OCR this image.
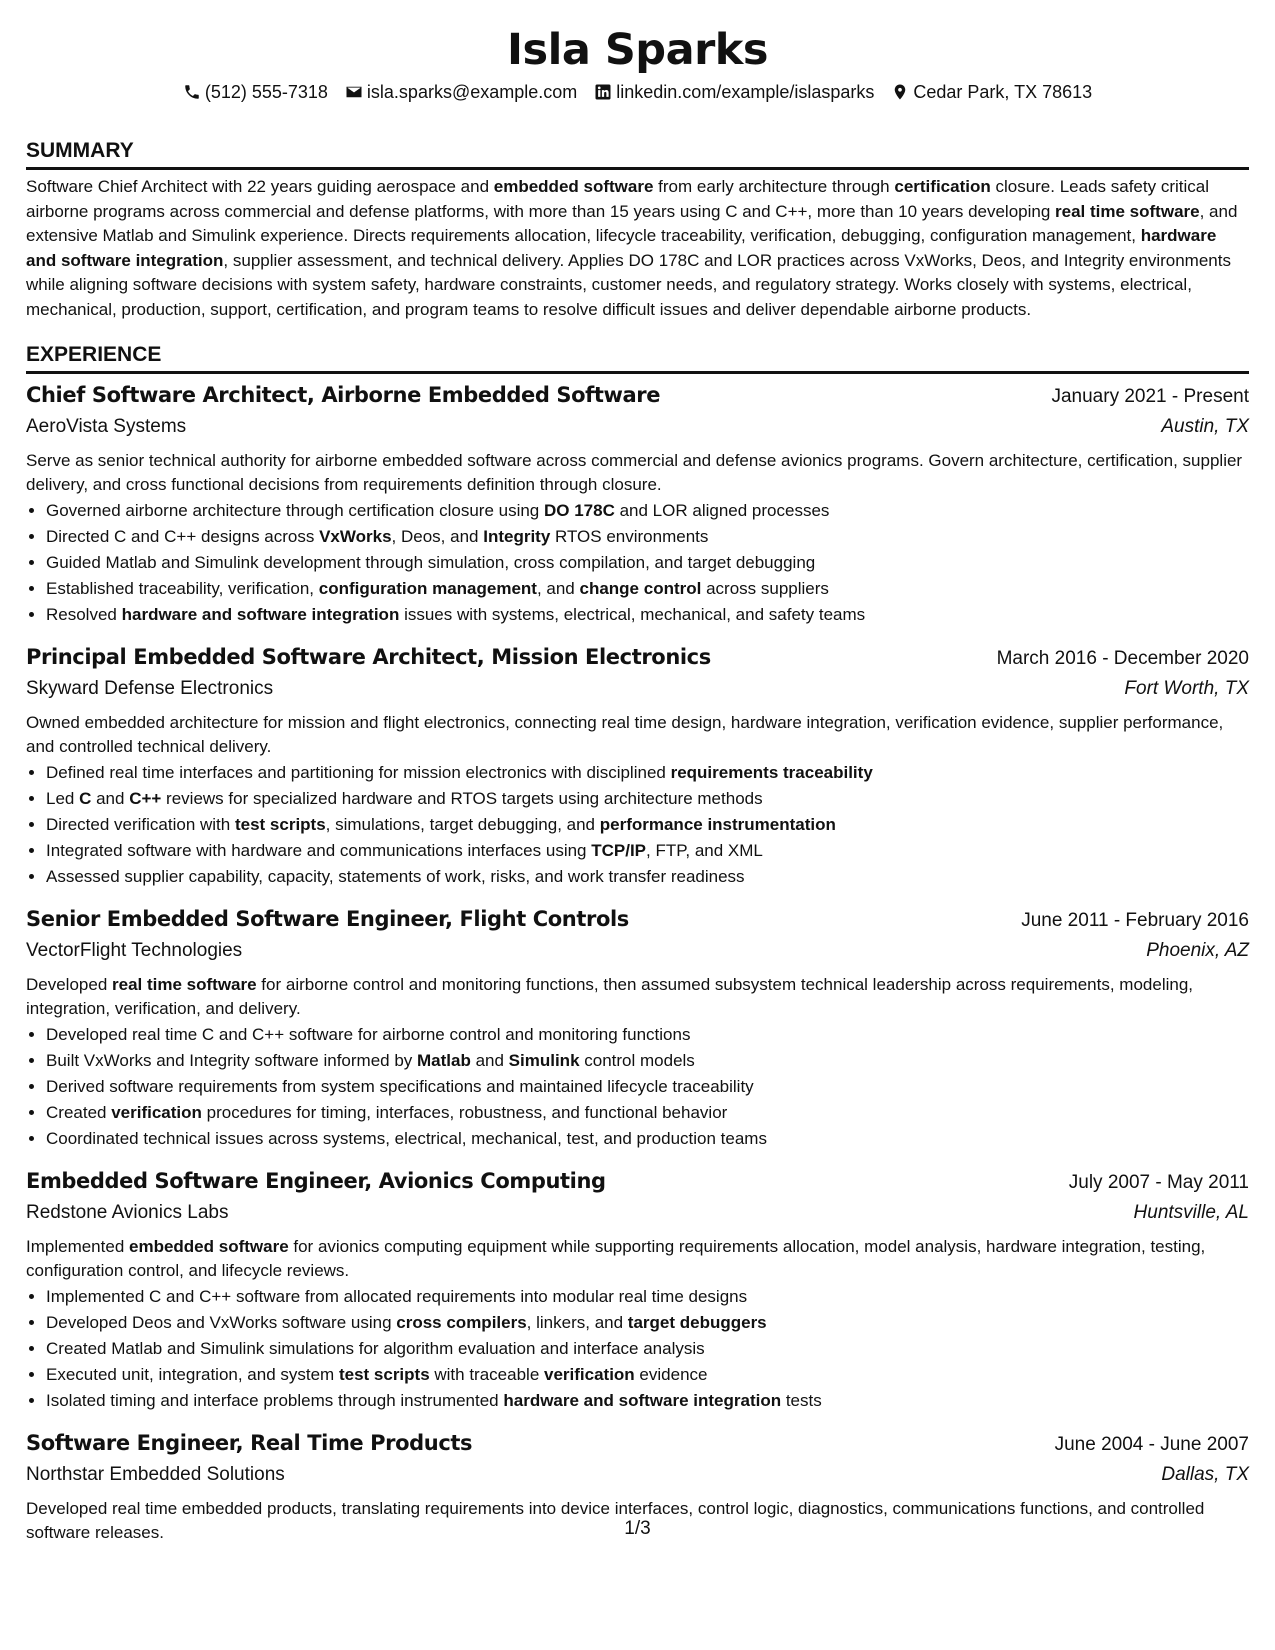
Isla Sparks
(512) 555-7318 isla.sparks@example.com linkedin.com/example/islasparks Cedar Park, TX 78613
SUMMARY

Software Chief Architect with 22 years guiding aerospace and embedded software from early architecture through certification closure. Leads safety critical airborne programs across commercial and defense platforms, with more than 15 years using C and C++, more than 10 years developing real time software, and extensive Matlab and Simulink experience. Directs requirements allocation, lifecycle traceability, verification, debugging, configuration management, hardware and software integration, supplier assessment, and technical delivery. Applies DO 178C and LOR practices across VxWorks, Deos, and Integrity environments while aligning software decisions with system safety, hardware constraints, customer needs, and regulatory strategy. Works closely with systems, electrical, mechanical, production, support, certification, and program teams to resolve difficult issues and deliver dependable airborne products.

EXPERIENCE
Chief Software Architect, Airborne Embedded Software	January 2021 - Present
AeroVista Systems	Austin, TX
Serve as senior technical authority for airborne embedded software across commercial and defense avionics programs. Govern architecture, certification, supplier delivery, and cross functional decisions from requirements definition through closure.
• Governed airborne architecture through certification closure using DO 178C and LOR aligned processes
• Directed C and C++ designs across VxWorks, Deos, and Integrity RTOS environments
• Guided Matlab and Simulink development through simulation, cross compilation, and target debugging
• Established traceability, verification, configuration management, and change control across suppliers
• Resolved hardware and software integration issues with systems, electrical, mechanical, and safety teams
Principal Embedded Software Architect, Mission Electronics	March 2016 - December 2020
Skyward Defense Electronics	Fort Worth, TX
Owned embedded architecture for mission and flight electronics, connecting real time design, hardware integration, verification evidence, supplier performance, and controlled technical delivery.
• Defined real time interfaces and partitioning for mission electronics with disciplined requirements traceability
• Led C and C++ reviews for specialized hardware and RTOS targets using architecture methods
• Directed verification with test scripts, simulations, target debugging, and performance instrumentation
• Integrated software with hardware and communications interfaces using TCP/IP, FTP, and XML
• Assessed supplier capability, capacity, statements of work, risks, and work transfer readiness
Senior Embedded Software Engineer, Flight Controls	June 2011 - February 2016
VectorFlight Technologies	Phoenix, AZ
Developed real time software for airborne control and monitoring functions, then assumed subsystem technical leadership across requirements, modeling, integration, verification, and delivery.
• Developed real time C and C++ software for airborne control and monitoring functions
• Built VxWorks and Integrity software informed by Matlab and Simulink control models
• Derived software requirements from system specifications and maintained lifecycle traceability
• Created verification procedures for timing, interfaces, robustness, and functional behavior
• Coordinated technical issues across systems, electrical, mechanical, test, and production teams
Embedded Software Engineer, Avionics Computing	July 2007 - May 2011
Redstone Avionics Labs	Huntsville, AL
Implemented embedded software for avionics computing equipment while supporting requirements allocation, model analysis, hardware integration, testing, configuration control, and lifecycle reviews.
• Implemented C and C++ software from allocated requirements into modular real time designs
• Developed Deos and VxWorks software using cross compilers, linkers, and target debuggers
• Created Matlab and Simulink simulations for algorithm evaluation and interface analysis
• Executed unit, integration, and system test scripts with traceable verification evidence
• Isolated timing and interface problems through instrumented hardware and software integration tests
Software Engineer, Real Time Products	June 2004 - June 2007
Northstar Embedded Solutions	Dallas, TX
Developed real time embedded products, translating requirements into device interfaces, control logic, diagnostics, communications functions, and controlled software releases.	1/3
